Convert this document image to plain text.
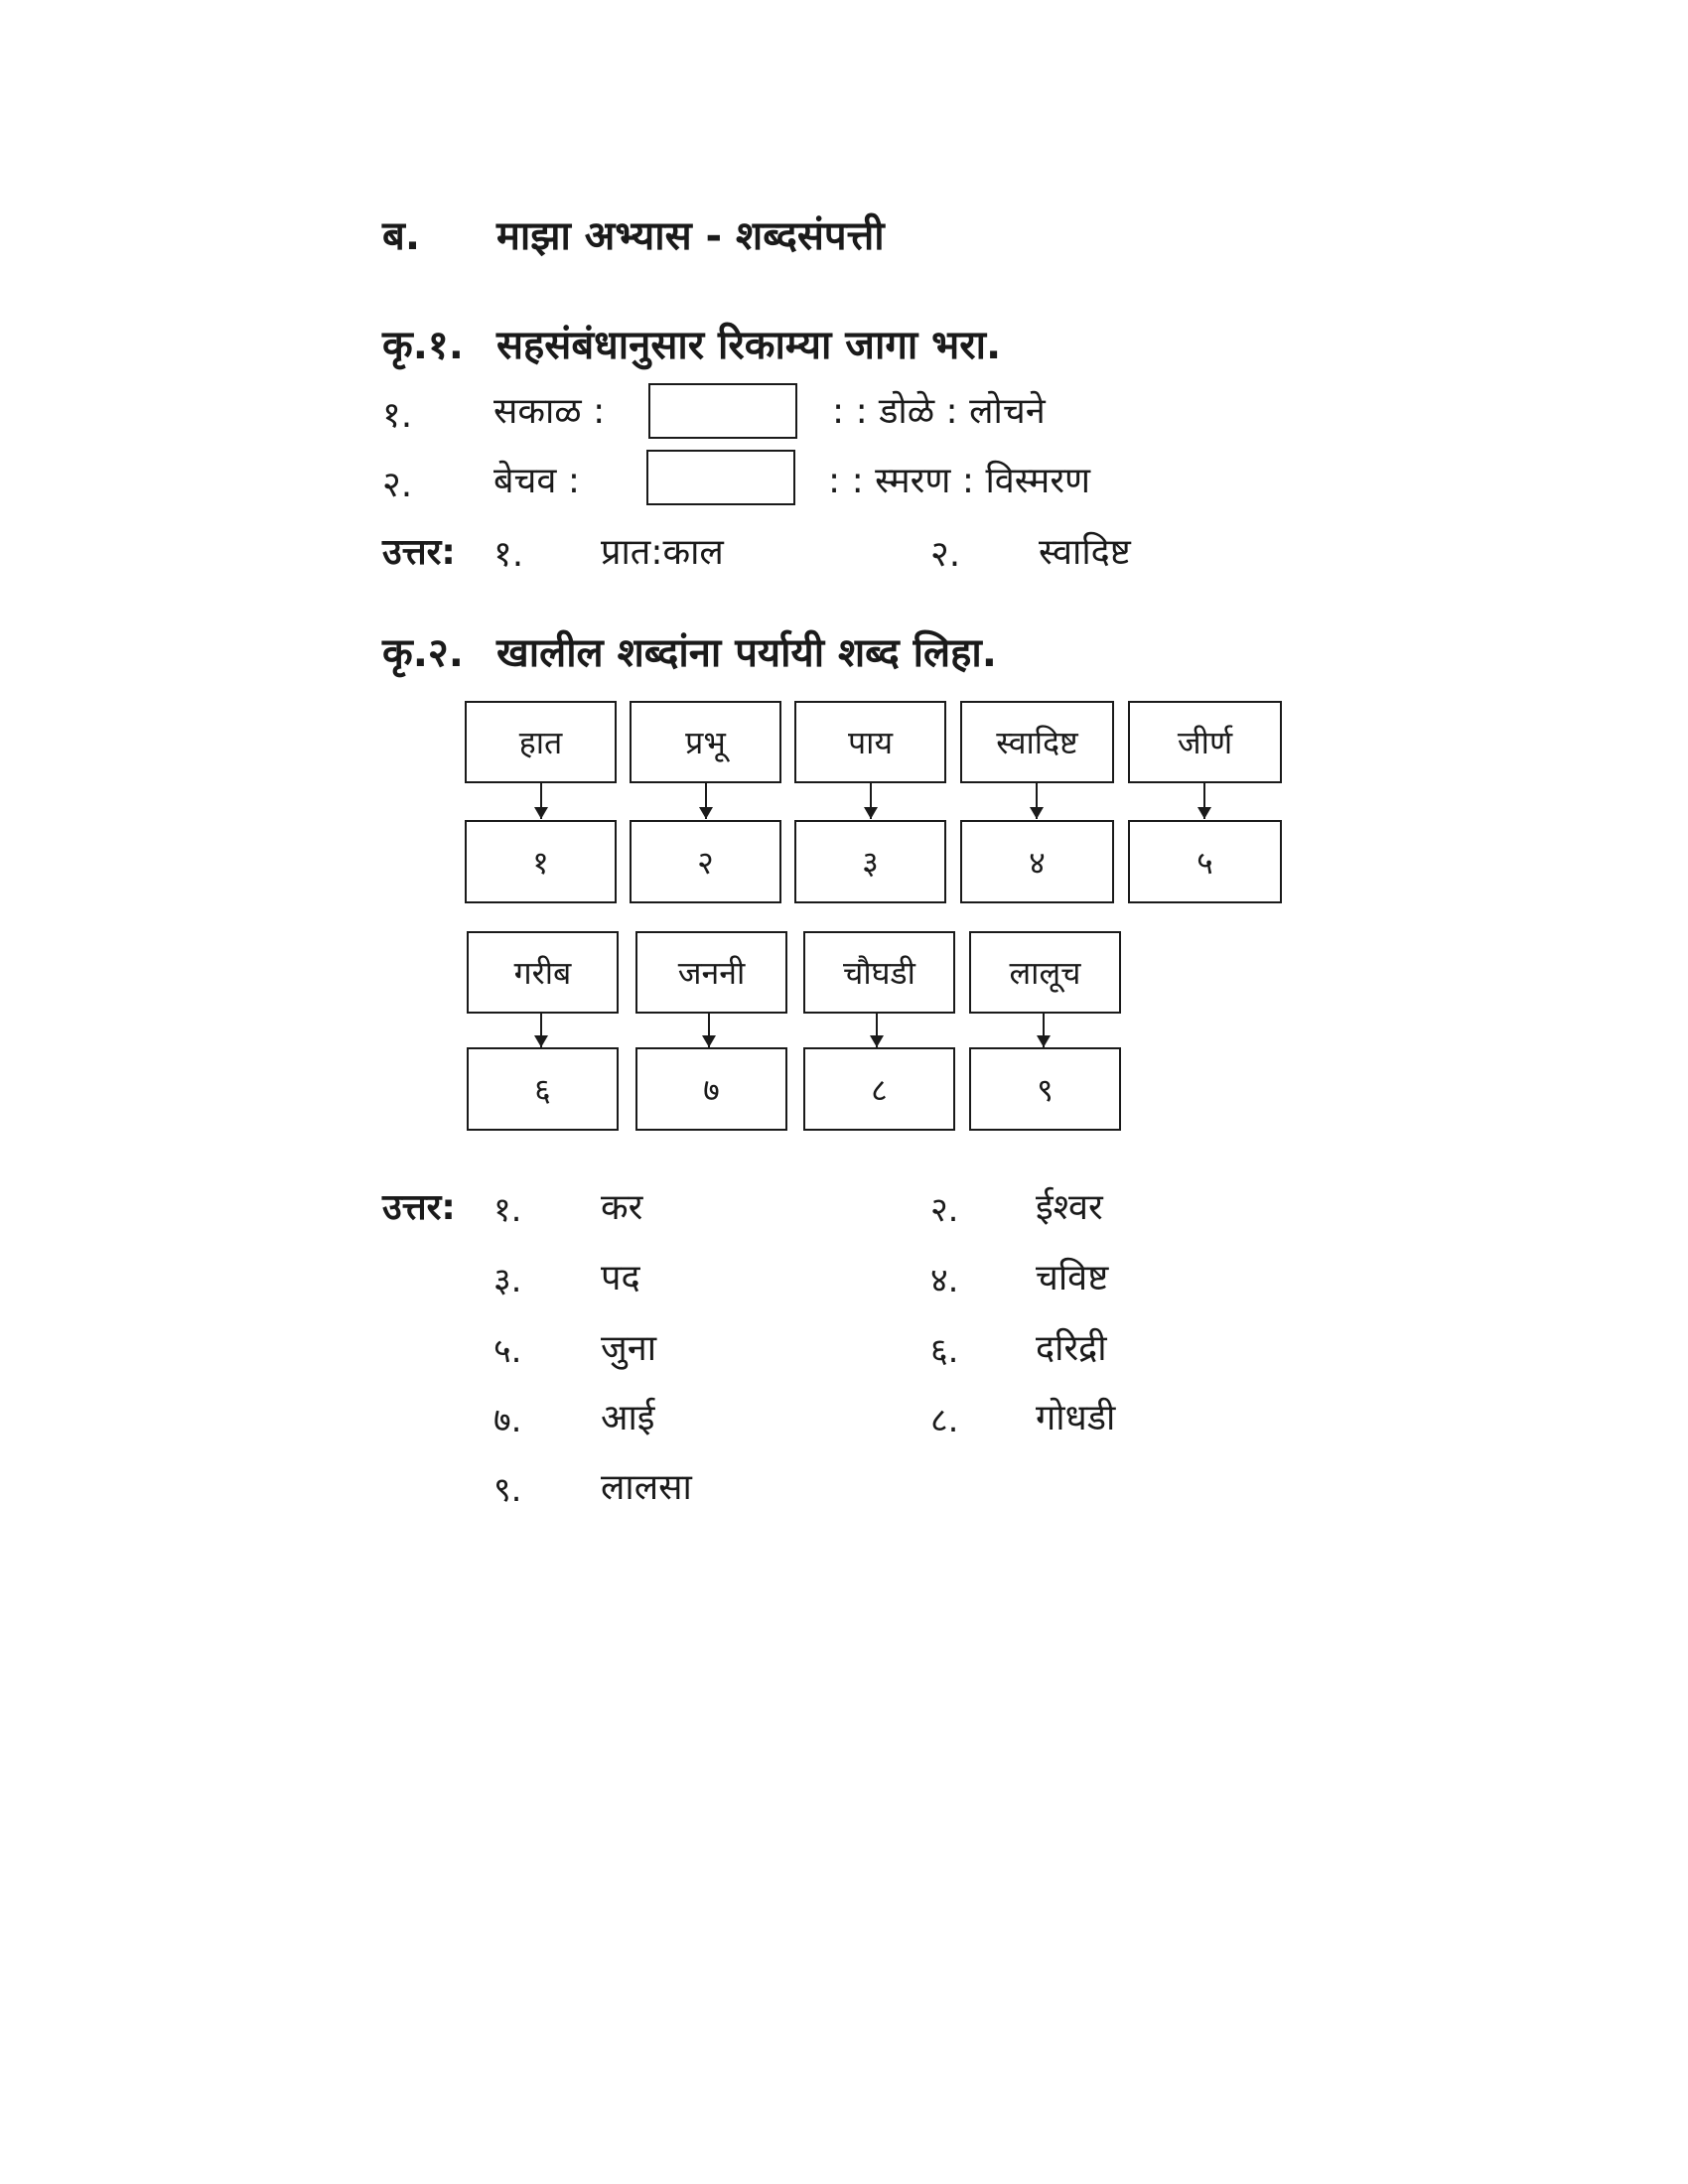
ब. माझा अभ्यास - शब्दसंपत्ती
कृ.१. सहसंबंधानुसार रिकाम्या जागा भरा.
१. सकाळ :	: : डोळे : लोचने
२. बेचव :	: : स्मरण : विस्मरण
उत्तर: १. प्रात:काल	२. स्वादिष्ट
कृ.२. खालील शब्दांना पर्यायी शब्द लिहा.
हात	प्रभू	पाय	स्वादिष्ट	जीर्ण
१	२	३	४	५
गरीब	जननी	चौघडी	लालूच
६	७	८	९
उत्तर: १. कर	२. ईश्वर
३. पद	४. चविष्ट
५. जुना	६. दरिद्री
७. आई	८. गोधडी
९. लालसा
